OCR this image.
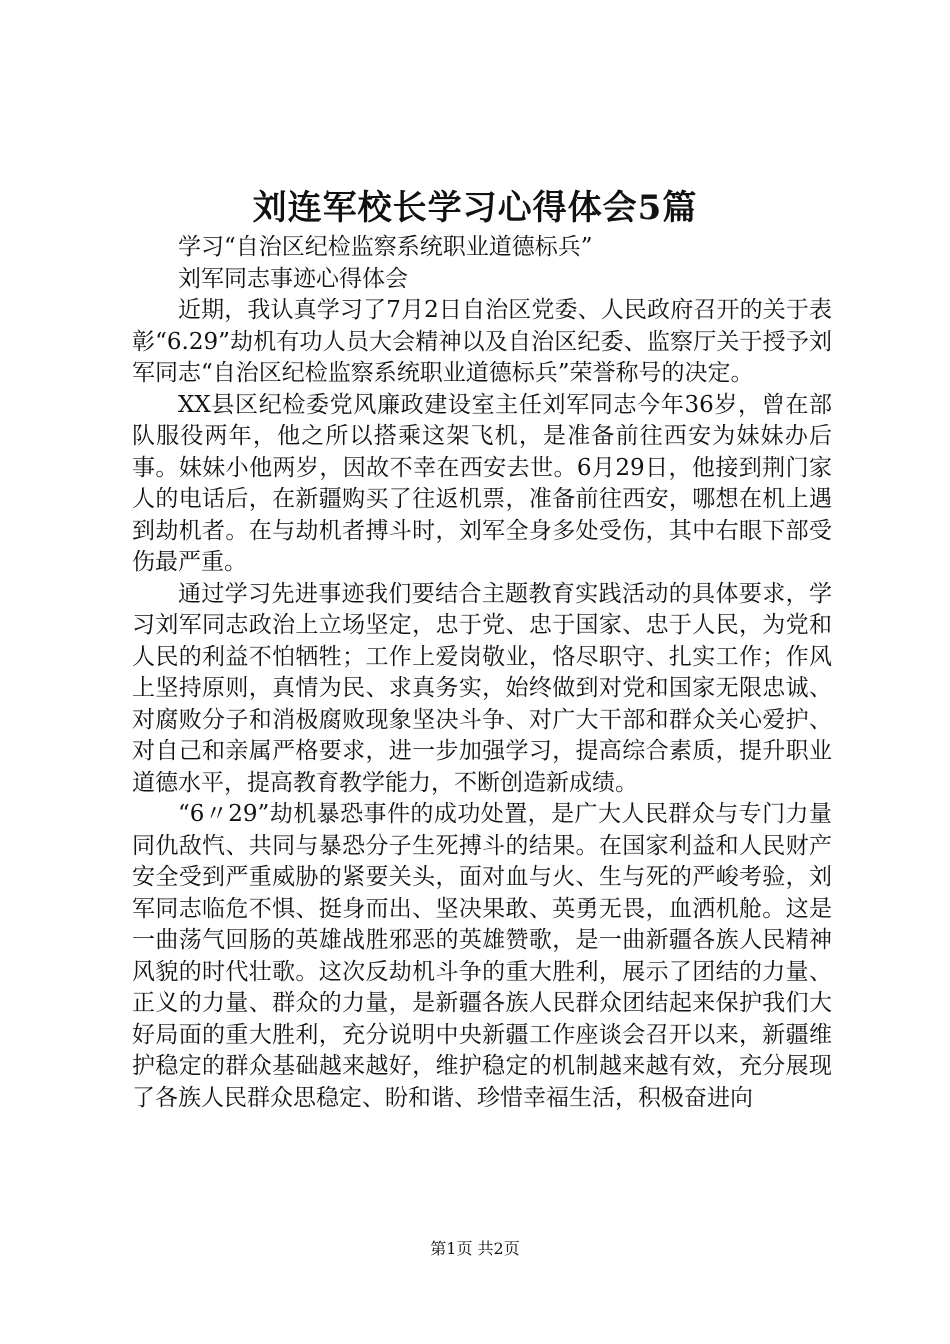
刘连军校长学习心得体会5篇

学习“自治区纪检监察系统职业道德标兵”

刘军同志事迹心得体会

近期，我认真学习了7月2日自治区党委、人民政府召开的关于表彰“6.29”劫机有功人员大会精神以及自治区纪委、监察厅关于授予刘军同志“自治区纪检监察系统职业道德标兵”荣誉称号的决定。

XX县区纪检委党风廉政建设室主任刘军同志今年36岁，曾在部队服役两年，他之所以搭乘这架飞机，是准备前往西安为妹妹办后事。妹妹小他两岁，因故不幸在西安去世。6月29日，他接到荆门家人的电话后，在新疆购买了往返机票，准备前往西安，哪想在机上遇到劫机者。在与劫机者搏斗时，刘军全身多处受伤，其中右眼下部受伤最严重。

通过学习先进事迹我们要结合主题教育实践活动的具体要求，学习刘军同志政治上立场坚定，忠于党、忠于国家、忠于人民，为党和人民的利益不怕牺牲；工作上爱岗敬业，恪尽职守、扎实工作；作风上坚持原则，真情为民、求真务实，始终做到对党和国家无限忠诚、对腐败分子和消极腐败现象坚决斗争、对广大干部和群众关心爱护、对自己和亲属严格要求，进一步加强学习，提高综合素质，提升职业道德水平，提高教育教学能力，不断创造新成绩。

“6〃29”劫机暴恐事件的成功处置，是广大人民群众与专门力量同仇敌忾、共同与暴恐分子生死搏斗的结果。在国家利益和人民财产安全受到严重威胁的紧要关头，面对血与火、生与死的严峻考验，刘军同志临危不惧、挺身而出、坚决果敢、英勇无畏，血洒机舱。这是一曲荡气回肠的英雄战胜邪恶的英雄赞歌，是一曲新疆各族人民精神风貌的时代壮歌。这次反劫机斗争的重大胜利，展示了团结的力量、正义的力量、群众的力量，是新疆各族人民群众团结起来保护我们大好局面的重大胜利，充分说明中央新疆工作座谈会召开以来，新疆维护稳定的群众基础越来越好，维护稳定的机制越来越有效，充分展现了各族人民群众思稳定、盼和谐、珍惜幸福生活，积极奋进向

第1页 共2页
